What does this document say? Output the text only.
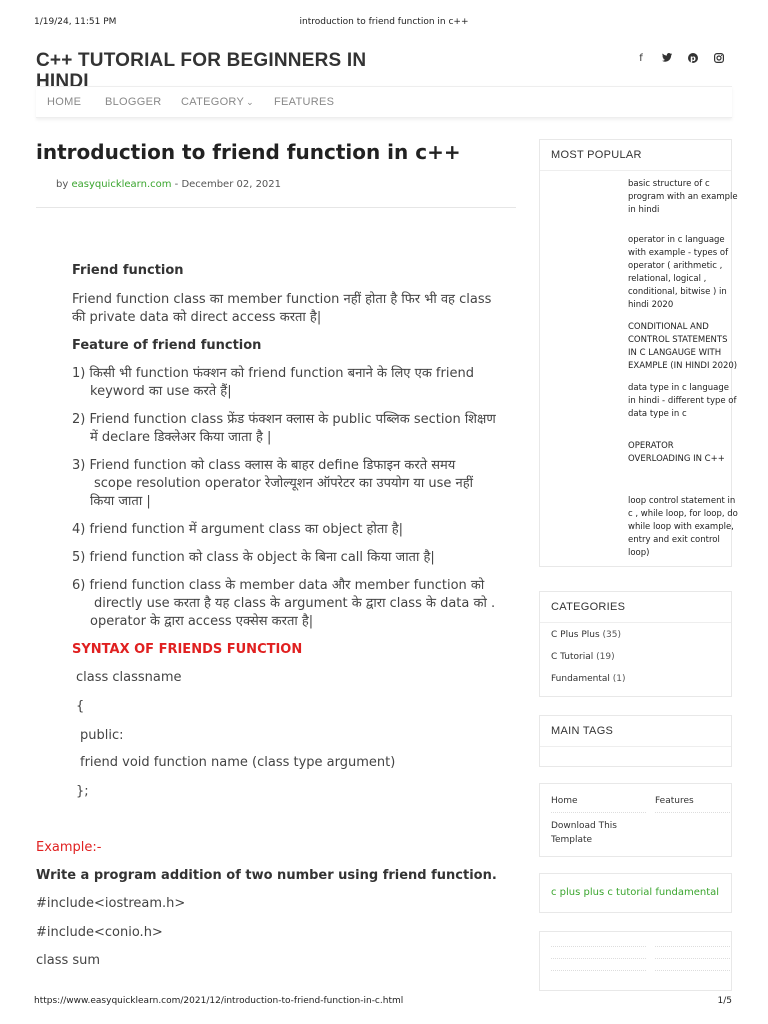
1/19/24, 11:51 PM	introduction to friend function in c++
C++ TUTORIAL FOR BEGINNERS IN HINDI
f	p
HOME BLOGGER CATEGORY ⌄ FEATURES
introduction to friend function in c++
by easyquicklearn.com - December 02, 2021
Friend function
Friend function class का member function नहीं होता है फिर भी वह class
की private data को direct access करता है|
Feature of friend function
1) किसी भी function फंक्शन को friend function बनाने के लिए एक friend
keyword का use करते हैं|
2) Friend function class फ्रेंड फंक्शन क्लास के public पब्लिक section शिक्षण
में declare डिक्लेअर किया जाता है |
3) Friend function को class क्लास के बाहर define डिफाइन करते समय
scope resolution operator रेजोल्यूशन ऑपरेटर का उपयोग या use नहीं
किया जाता |
4) friend function में argument class का object होता है|
5) friend function को class के object के बिना call किया जाता है|
6) friend function class के member data और member function को
directly use करता है यह class के argument के द्वारा class के data को .
operator के द्वारा access एक्सेस करता है|
SYNTAX OF FRIENDS FUNCTION
class classname
{
public:
friend void function name (class type argument)
};
Example:-
Write a program addition of two number using friend function.
#include<iostream.h>
#include<conio.h>
class sum
MOST POPULAR
basic structure of c program with an example in hindi
operator in c language with example - types of operator ( arithmetic , relational, logical , conditional, bitwise ) in hindi 2020
CONDITIONAL AND CONTROL STATEMENTS IN C LANGAUGE WITH EXAMPLE (IN HINDI 2020)
data type in c language in hindi - different type of data type in c
OPERATOR OVERLOADING IN C++
loop control statement in c , while loop, for loop, do while loop with example, entry and exit control loop)
CATEGORIES
C Plus Plus (35)
C Tutorial (19)
Fundamental (1)
MAIN TAGS
Home	Features
Download This Template
c plus plus c tutorial fundamental
https://www.easyquicklearn.com/2021/12/introduction-to-friend-function-in-c.html	1/5
